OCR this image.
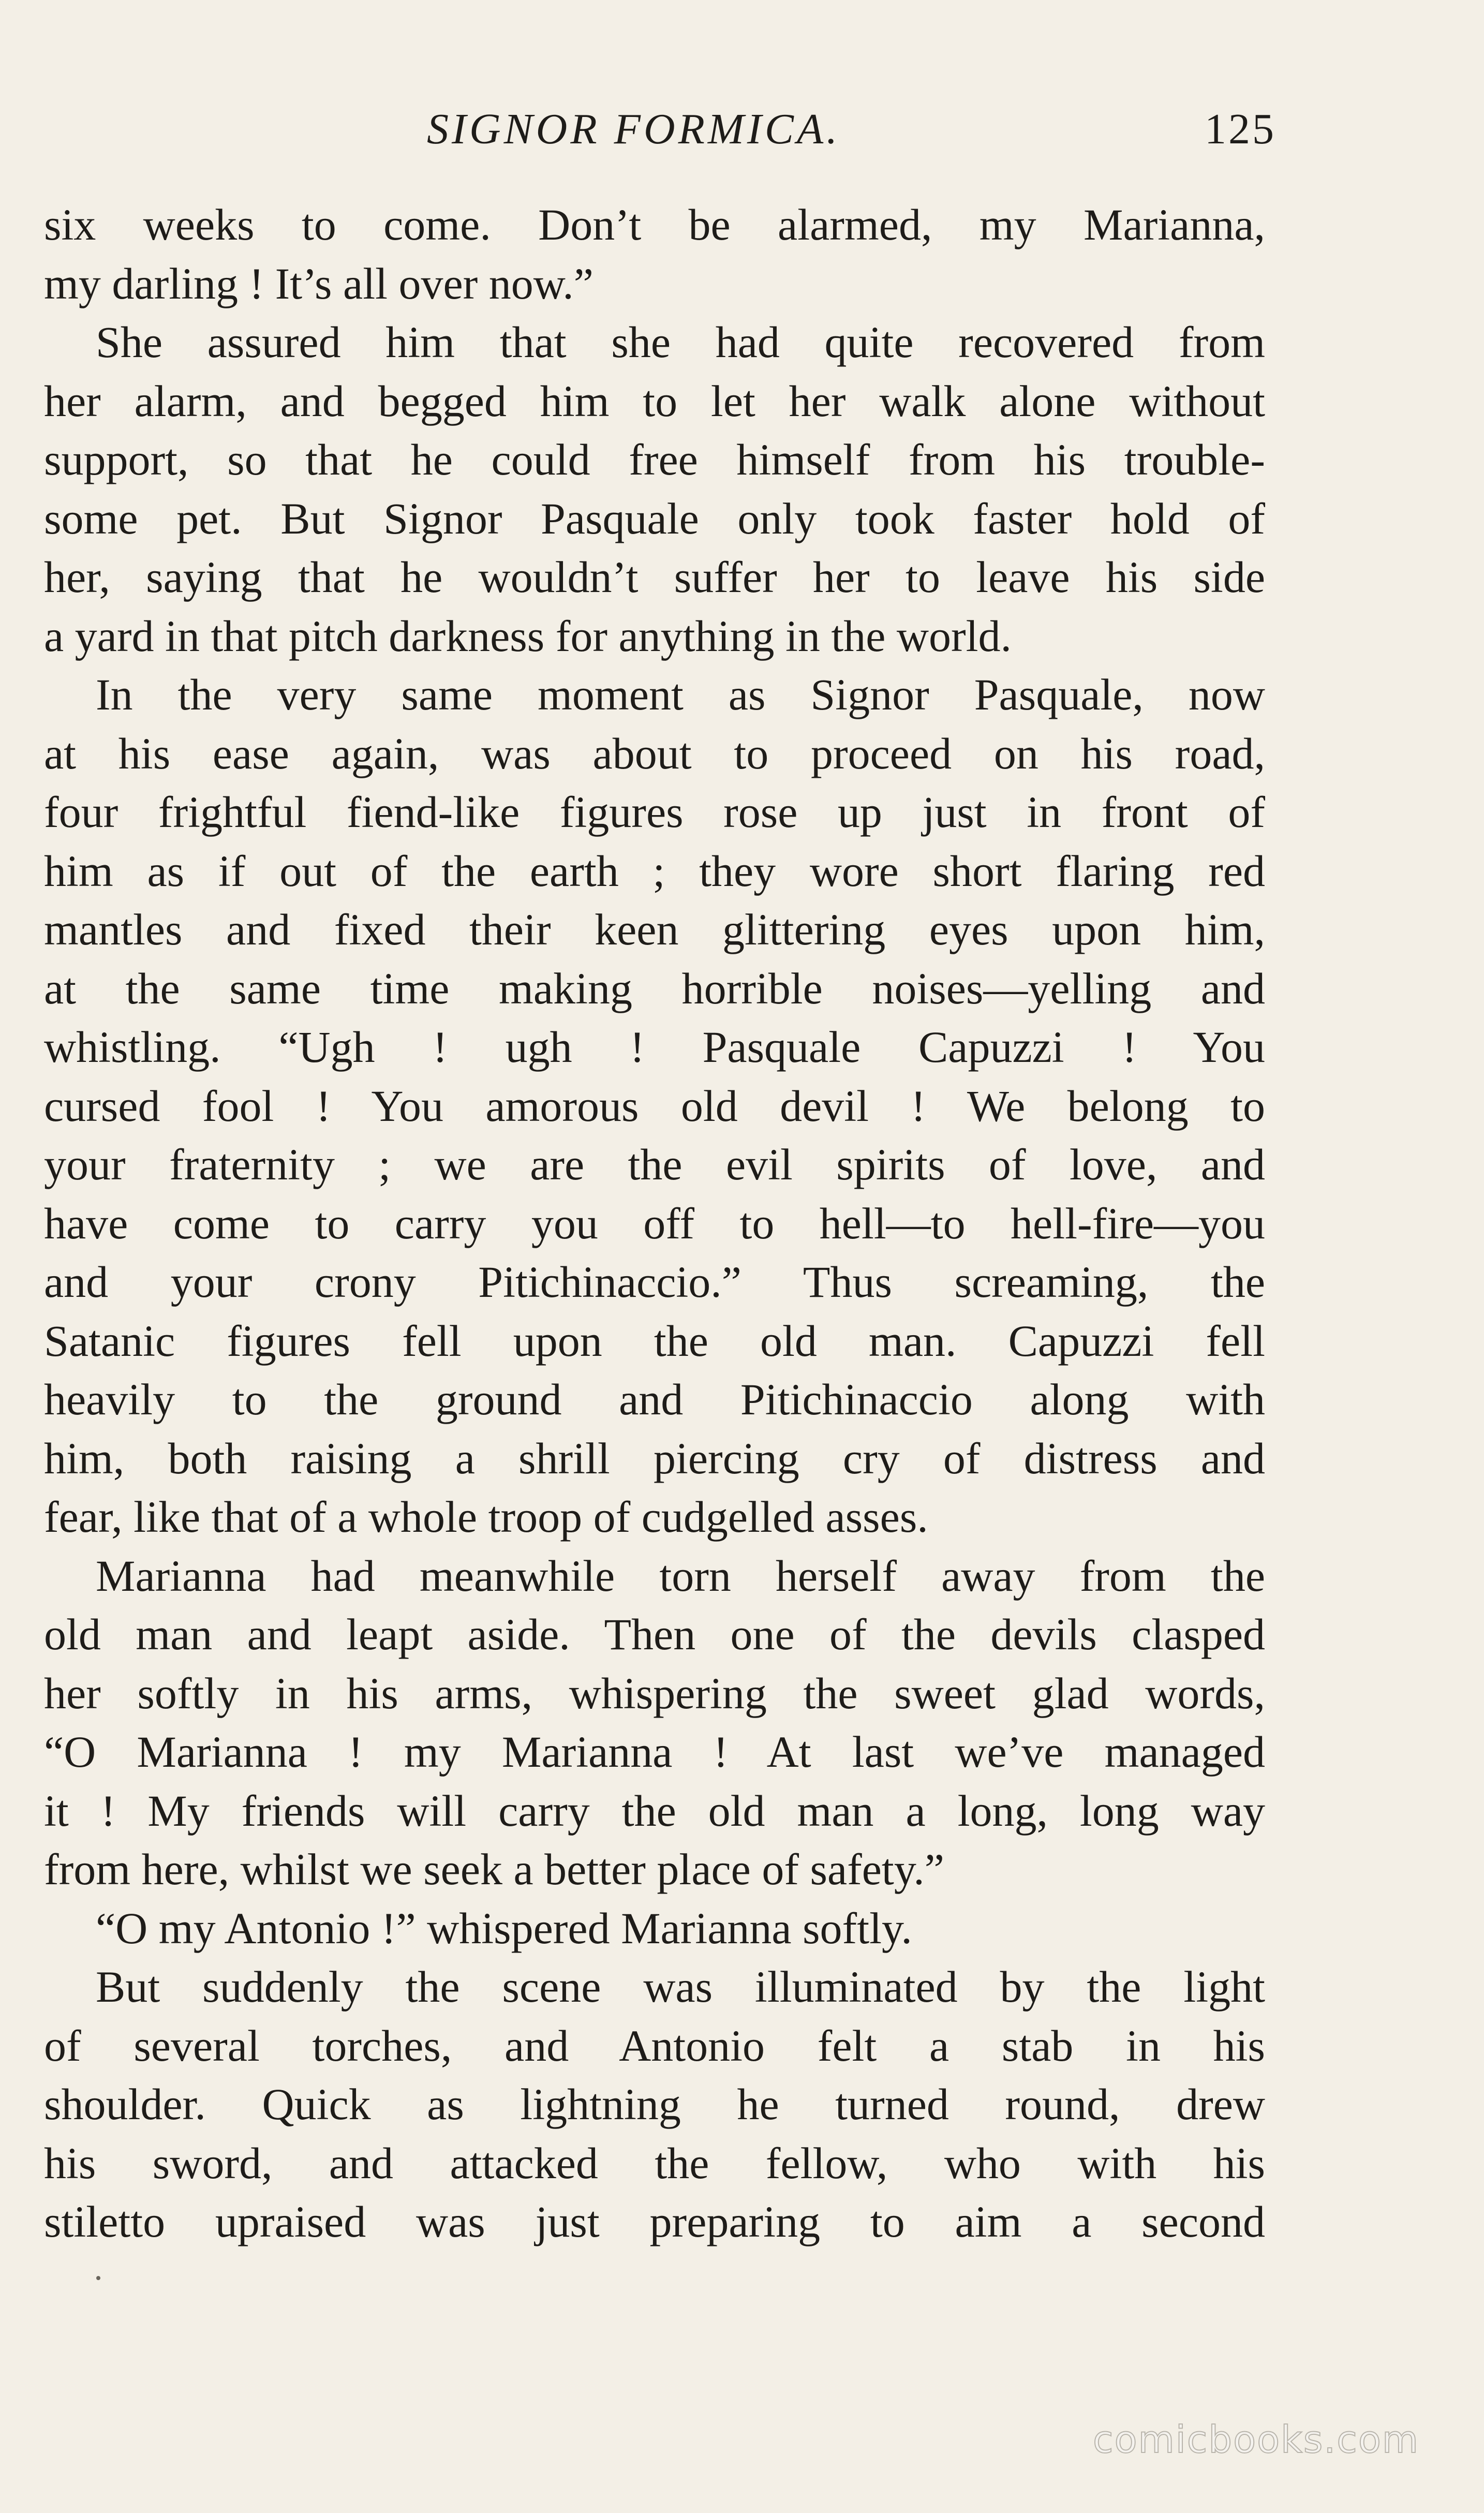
SIGNOR FORMICA.	125
six weeks to come. Don’t be alarmed, my Marianna,
my darling ! It’s all over now.”
She assured him that she had quite recovered from
her alarm, and begged him to let her walk alone without
support, so that he could free himself from his trouble-
some pet. But Signor Pasquale only took faster hold of
her, saying that he wouldn’t suffer her to leave his side
a yard in that pitch darkness for anything in the world.
In the very same moment as Signor Pasquale, now
at his ease again, was about to proceed on his road,
four frightful fiend-like figures rose up just in front of
him as if out of the earth ; they wore short flaring red
mantles and fixed their keen glittering eyes upon him,
at the same time making horrible noises—yelling and
whistling. “Ugh ! ugh ! Pasquale Capuzzi ! You
cursed fool ! You amorous old devil ! We belong to
your fraternity ; we are the evil spirits of love, and
have come to carry you off to hell—to hell-fire—you
and your crony Pitichinaccio.” Thus screaming, the
Satanic figures fell upon the old man. Capuzzi fell
heavily to the ground and Pitichinaccio along with
him, both raising a shrill piercing cry of distress and
fear, like that of a whole troop of cudgelled asses.
Marianna had meanwhile torn herself away from the
old man and leapt aside. Then one of the devils clasped
her softly in his arms, whispering the sweet glad words,
“O Marianna ! my Marianna ! At last we’ve managed
it ! My friends will carry the old man a long, long way
from here, whilst we seek a better place of safety.”
“O my Antonio !” whispered Marianna softly.
But suddenly the scene was illuminated by the light
of several torches, and Antonio felt a stab in his
shoulder. Quick as lightning he turned round, drew
his sword, and attacked the fellow, who with his
stiletto upraised was just preparing to aim a second
comicbooks.com
